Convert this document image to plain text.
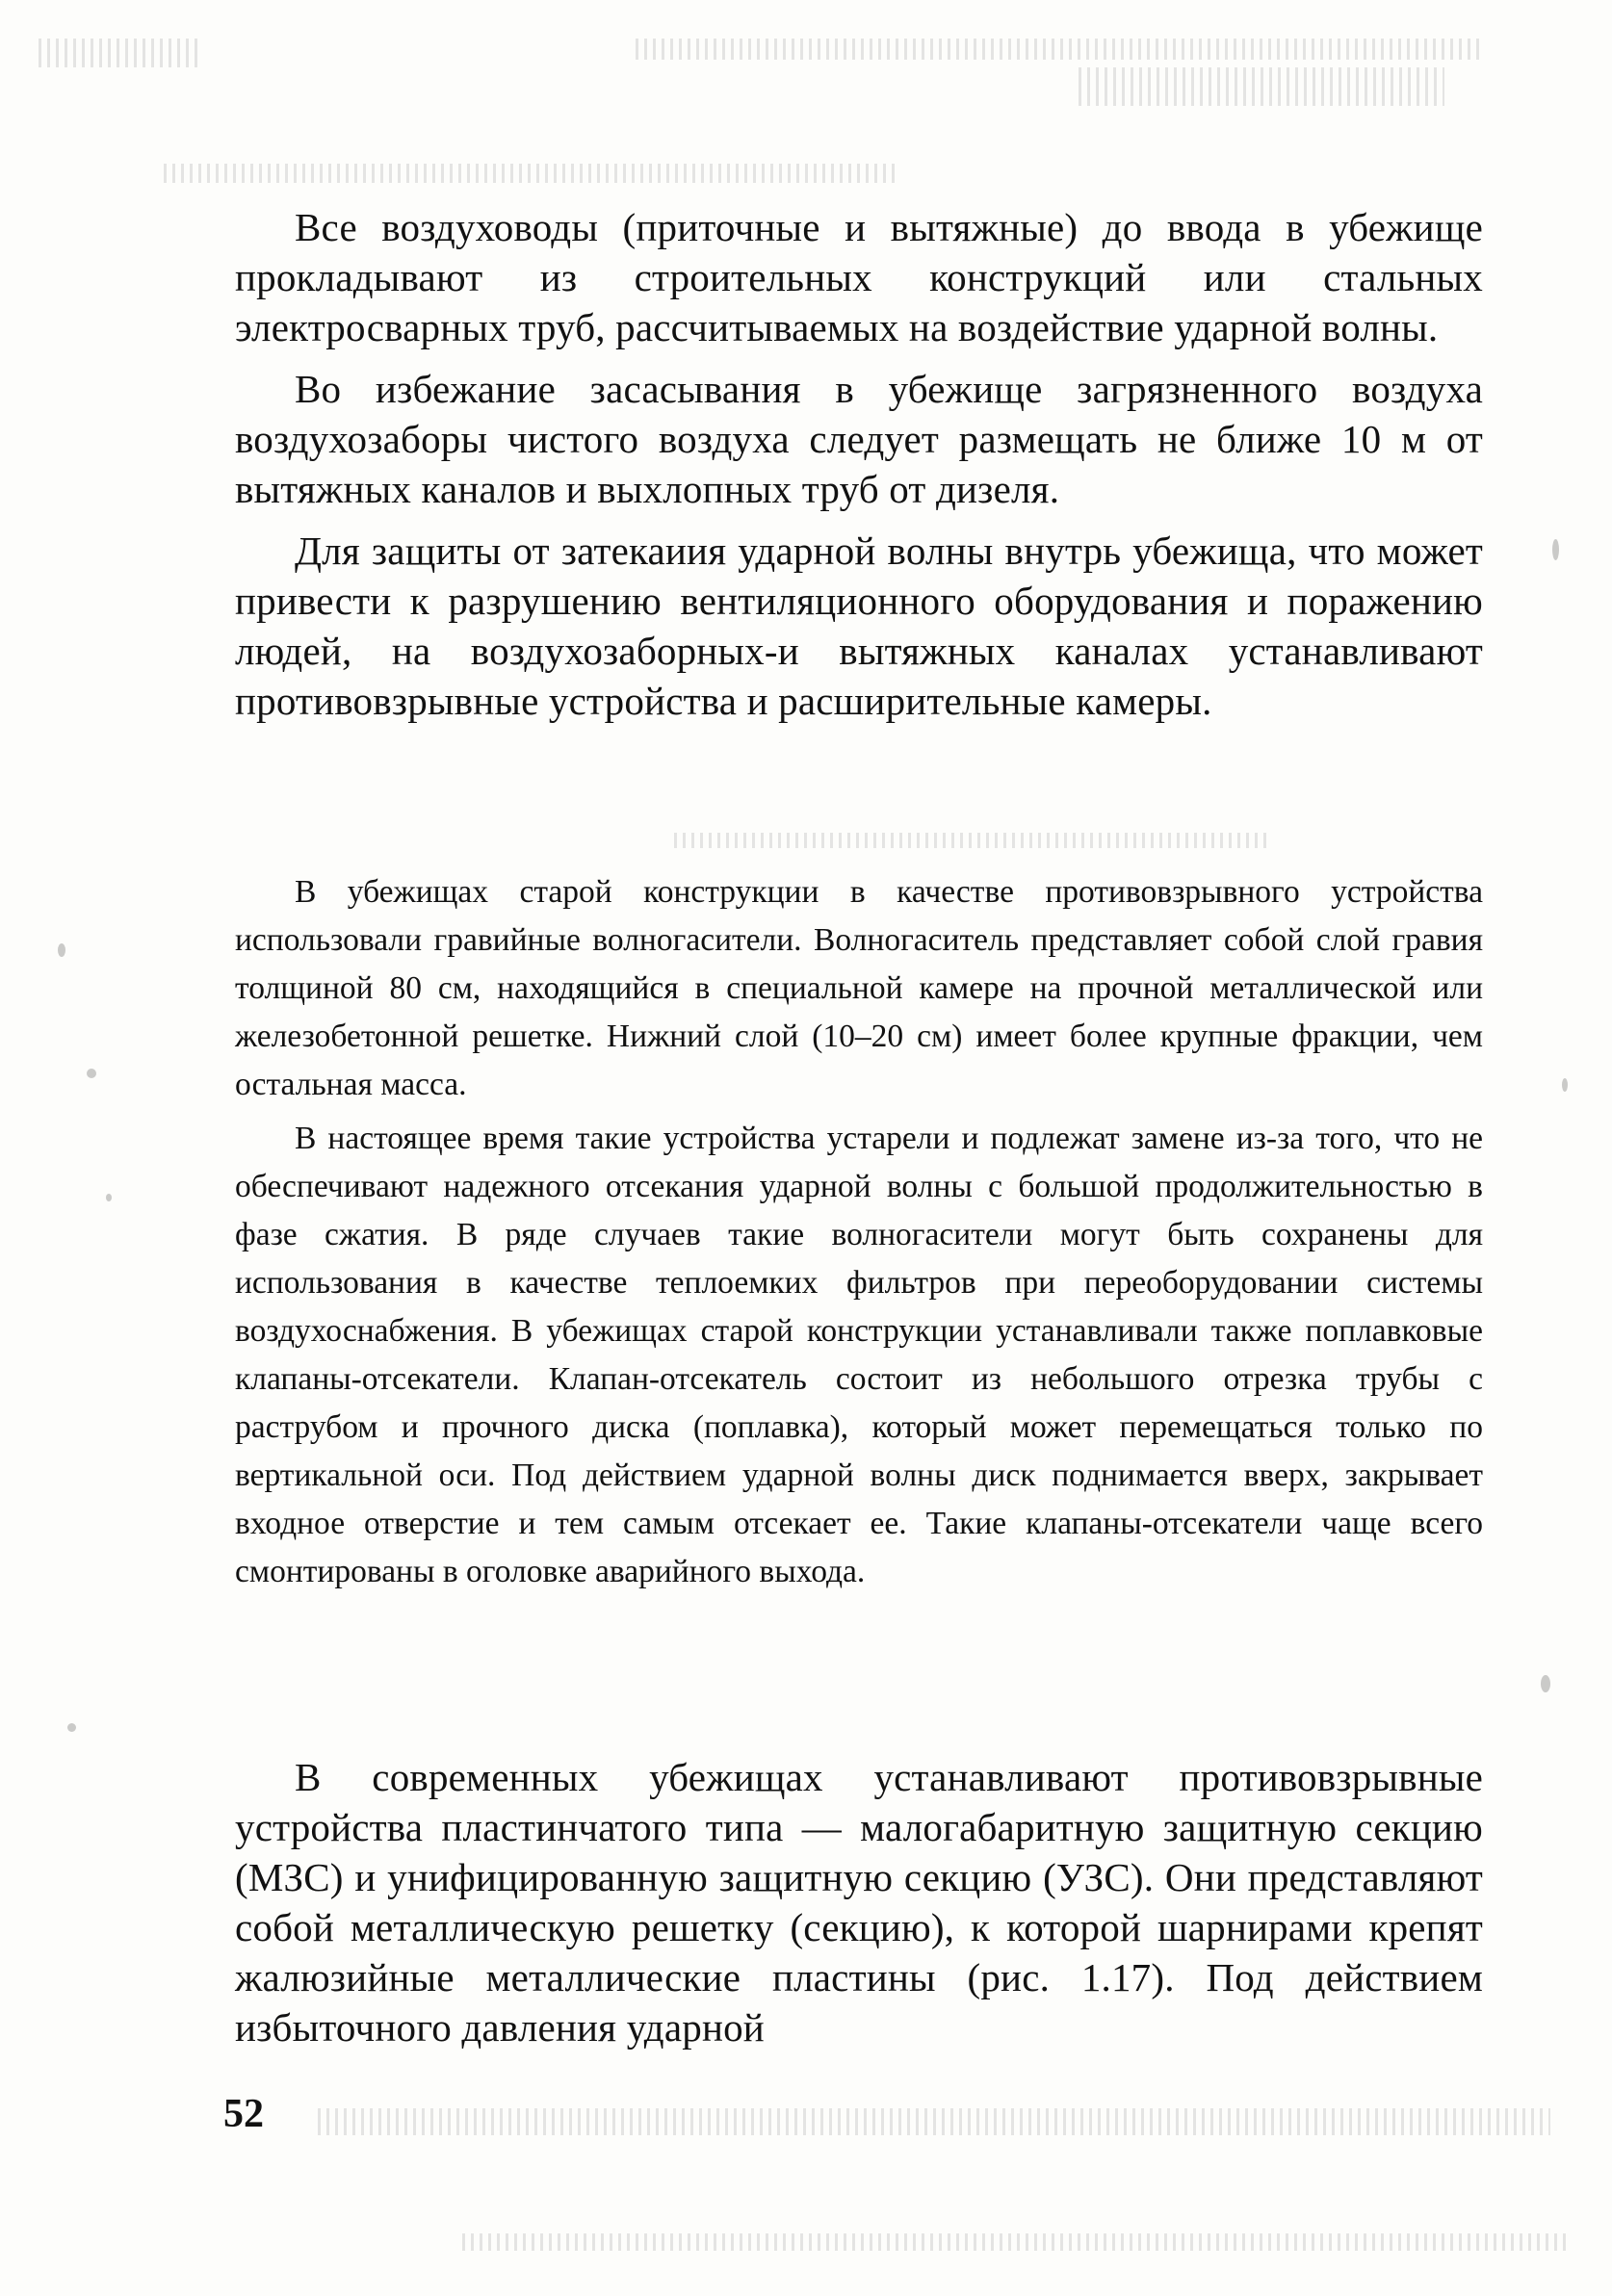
Все воздуховоды (приточные и вытяжные) до ввода в убежище прокладывают из строительных конструкций или стальных электросварных труб, рассчитываемых на воздействие ударной волны.

Во избежание засасывания в убежище загрязненного воздуха воздухозаборы чистого воздуха следует размещать не ближе 10 м от вытяжных каналов и выхлопных труб от дизеля.

Для защиты от затекаиия ударной волны внутрь убежища, что может привести к разрушению вентиляционного оборудования и поражению людей, на воздухозаборных-и вытяжных каналах устанавливают противовзрывные устройства и расширительные камеры.

В убежищах старой конструкции в качестве противовзрывного устройства использовали гравийные волногасители. Волногаситель представляет собой слой гравия толщиной 80 см, находящийся в специальной камере на прочной металлической или железобетонной решетке. Нижний слой (10–20 см) имеет более крупные фракции, чем остальная масса.

В настоящее время такие устройства устарели и подлежат замене из-за того, что не обеспечивают надежного отсекания ударной волны с большой продолжительностью в фазе сжатия. В ряде случаев такие волногасители могут быть сохранены для использования в качестве теплоемких фильтров при переоборудовании системы воздухоснабжения. В убежищах старой конструкции устанавливали также поплавковые клапаны-отсекатели. Клапан-отсекатель состоит из небольшого отрезка трубы с раструбом и прочного диска (поплавка), который может перемещаться только по вертикальной оси. Под действием ударной волны диск поднимается вверх, закрывает входное отверстие и тем самым отсекает ее. Такие клапаны-отсекатели чаще всего смонтированы в оголовке аварийного выхода.

В современных убежищах устанавливают противовзрывные устройства пластинчатого типа — малогабаритную защитную секцию (МЗС) и унифицированную защитную секцию (УЗС). Они представляют собой металлическую решетку (секцию), к которой шарнирами крепят жалюзийные металлические пластины (рис. 1.17). Под действием избыточного давления ударной

52
